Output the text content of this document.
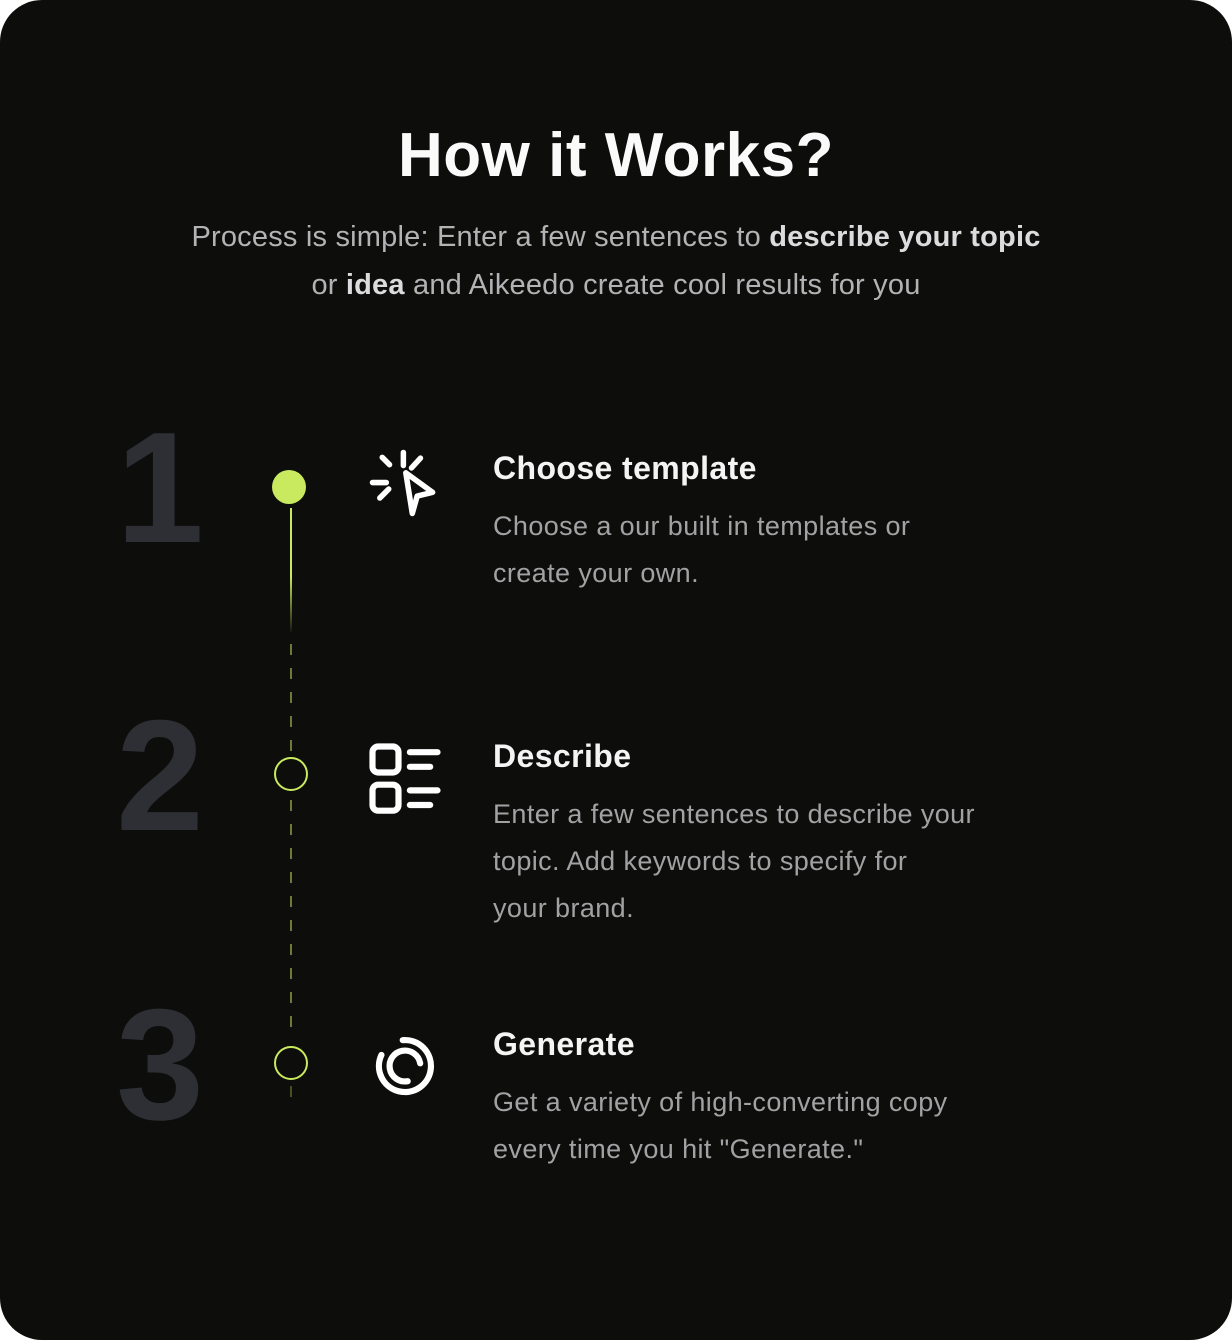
How it Works?

Process is simple: Enter a few sentences to describe your topic
or idea and Aikeedo create cool results for you

1
2
3
Choose template
Choose a our built in templates or
create your own.
Describe
Enter a few sentences to describe your
topic. Add keywords to specify for
your brand.
Generate
Get a variety of high-converting copy
every time you hit "Generate."
